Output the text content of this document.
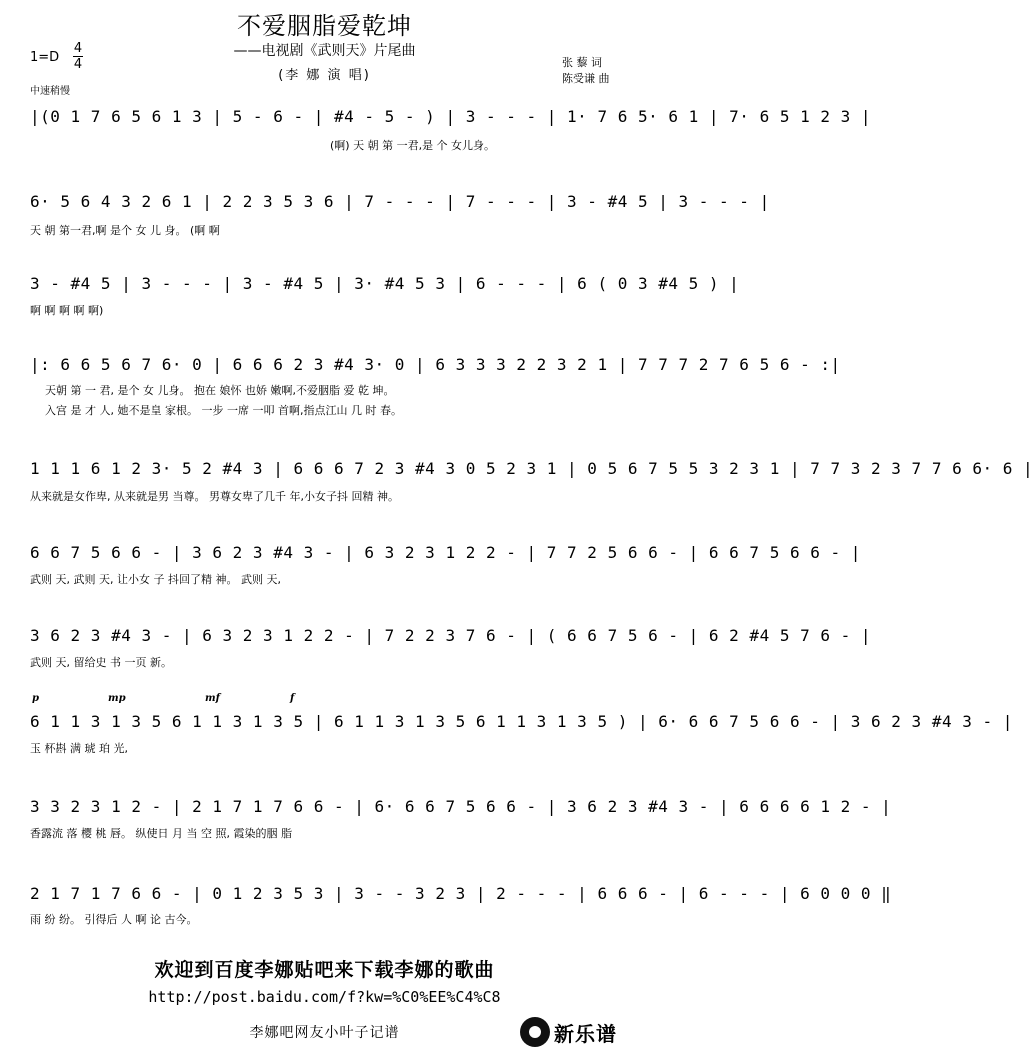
不爱胭脂爱乾坤
——电视剧《武则天》片尾曲
(李 娜 演 唱)
张 藜 词
陈受谦 曲
1=D
4
4
中速稍慢
|(0 1 7 6 5 6 1 3 | 5 - 6 - | #4 - 5 - ) | 3 - - - | 1· 7 6 5· 6 1 | 7· 6 5 1 2 3 |
(啊) 天 朝 第 一君,是 个 女儿身。
6· 5 6 4 3 2 6 1 | 2 2 3 5 3 6 | 7 - - - | 7 - - - | 3 - #4 5 | 3 - - - |
天 朝 第一君,啊 是个 女 儿 身。 (啊 啊
3 - #4 5 | 3 - - - | 3 - #4 5 | 3· #4 5 3 | 6 - - - | 6 ( 0 3 #4 5 ) |
啊 啊 啊 啊 啊)
|: 6 6 5 6 7 6· 0 | 6 6 6 2 3 #4 3· 0 | 6 3 3 3 2 2 3 2 1 | 7 7 7 2 7 6 5 6 - :|
天朝 第 一 君, 是个 女 儿身。 抱在 娘怀 也娇 嫩啊,不爱胭脂 爱 乾 坤。
入宫 是 才 人, 她不是皇 家根。 一步 一席 一叩 首啊,指点江山 几 时 春。
1 1 1 6 1 2 3· 5 2 #4 3 | 6 6 6 7 2 3 #4 3 0 5 2 3 1 | 0 5 6 7 5 5 3 2 3 1 | 7 7 3 2 3 7 7 6 6· 6 |
从来就是女作卑, 从来就是男 当尊。 男尊女卑了几千 年,小女子抖 回精 神。
6 6 7 5 6 6 - | 3 6 2 3 #4 3 - | 6 3 2 3 1 2 2 - | 7 7 2 5 6 6 - | 6 6 7 5 6 6 - |
武则 天, 武则 天, 让小女 子 抖回了精 神。 武则 天,
3 6 2 3 #4 3 - | 6 3 2 3 1 2 2 - | 7 2 2 3 7 6 - | ( 6 6 7 5 6 - | 6 2 #4 5 7 6 - |
武则 天, 留给史 书 一页 新。
p	mp	mf	f
6 1 1 3 1 3 5 6 1 1 3 1 3 5 | 6 1 1 3 1 3 5 6 1 1 3 1 3 5 ) | 6· 6 6 7 5 6 6 - | 3 6 2 3 #4 3 - |
玉 杯斟 满 琥 珀 光,
3 3 2 3 1 2 - | 2 1 7 1 7 6 6 - | 6· 6 6 7 5 6 6 - | 3 6 2 3 #4 3 - | 6 6 6 6 1 2 - |
香露流 落 樱 桃 唇。 纵使日 月 当 空 照, 霞染的胭 脂
2 1 7 1 7 6 6 - | 0 1 2 3 5 3 | 3 - - 3 2 3 | 2 - - - | 6 6 6 - | 6 - - - | 6 0 0 0 ‖
雨 纷 纷。 引得后 人 啊 论 古今。
欢迎到百度李娜贴吧来下载李娜的歌曲
http://post.baidu.com/f?kw=%C0%EE%C4%C8
李娜吧网友小叶子记谱	新乐谱
